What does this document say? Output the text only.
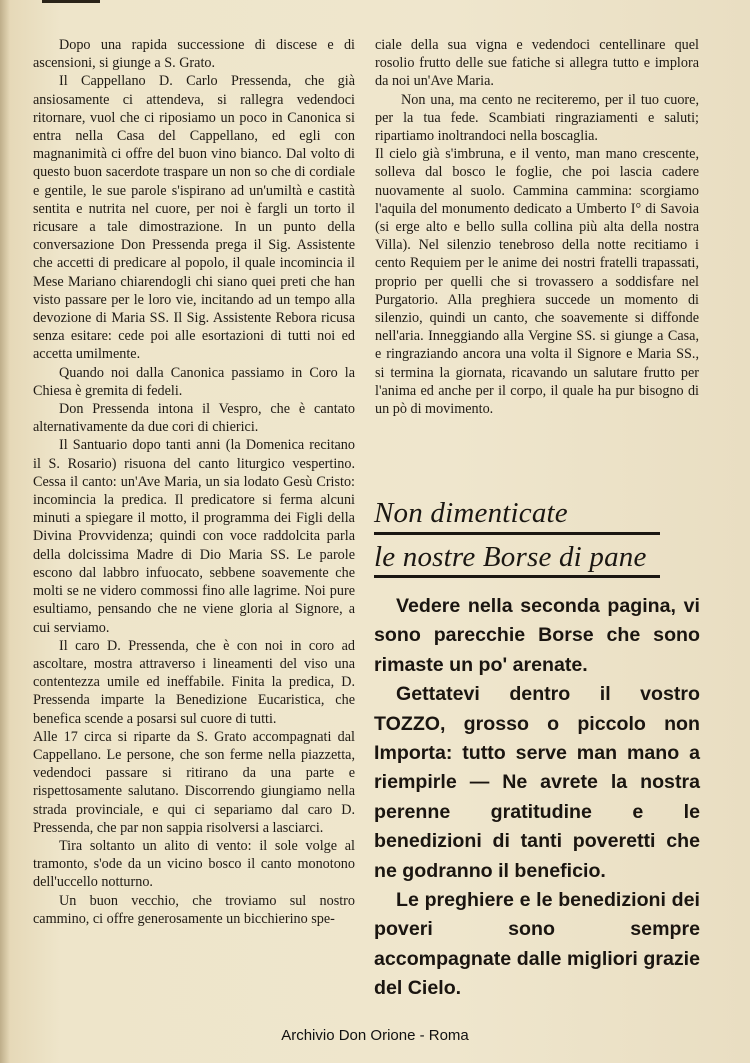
Dopo una rapida successione di discese e di ascensioni, si giunge a S. Grato.

Il Cappellano D. Carlo Pressenda, che già ansiosamente ci attendeva, si rallegra vedendoci ritornare, vuol che ci riposiamo un poco in Canonica si entra nella Casa del Cappellano, ed egli con magnanimità ci offre del buon vino bianco. Dal volto di questo buon sacerdote traspare un non so che di cordiale e gentile, le sue parole s'ispirano ad un'umiltà e castità sentita e nutrita nel cuore, per noi è fargli un torto il ricusare a tale dimostrazione. In un punto della conversazione Don Pressenda prega il Sig. Assistente che accetti di predicare al popolo, il quale incomincia il Mese Mariano chiarendogli chi siano quei preti che han visto passare per le loro vie, incitando ad un tempo alla devozione di Maria SS. Il Sig. Assistente Rebora ricusa senza esitare: cede poi alle esortazioni di tutti noi ed accetta umilmente.

Quando noi dalla Canonica passiamo in Coro la Chiesa è gremita di fedeli.

Don Pressenda intona il Vespro, che è cantato alternativamente da due cori di chierici.

Il Santuario dopo tanti anni (la Domenica recitano il S. Rosario) risuona del canto liturgico vespertino. Cessa il canto: un'Ave Maria, un sia lodato Gesù Cristo: incomincia la predica. Il predicatore si ferma alcuni minuti a spiegare il motto, il programma dei Figli della Divina Provvidenza; quindi con voce raddolcita parla della dolcissima Madre di Dio Maria SS. Le parole escono dal labbro infuocato, sebbene soavemente che molti se ne videro commossi fino alle lagrime. Noi pure esultiamo, pensando che ne viene gloria al Signore, a cui serviamo.

Il caro D. Pressenda, che è con noi in coro ad ascoltare, mostra attraverso i lineamenti del viso una contentezza umile ed ineffabile. Finita la predica, D. Pressenda imparte la Benedizione Eucaristica, che benefica scende a posarsi sul cuore di tutti.

Alle 17 circa si riparte da S. Grato accompagnati dal Cappellano. Le persone, che son ferme nella piazzetta, vedendoci passare si ritirano da una parte e rispettosamente salutano. Discorrendo giungiamo nella strada provinciale, e qui ci separiamo dal caro D. Pressenda, che par non sappia risolversi a lasciarci.

Tira soltanto un alito di vento: il sole volge al tramonto, s'ode da un vicino bosco il canto monotono dell'uccello notturno.

Un buon vecchio, che troviamo sul nostro cammino, ci offre generosamente un bicchierino spe-

ciale della sua vigna e vedendoci centellinare quel rosolio frutto delle sue fatiche si allegra tutto e implora da noi un'Ave Maria.

Non una, ma cento ne reciteremo, per il tuo cuore, per la tua fede. Scambiati ringraziamenti e saluti; ripartiamo inoltrandoci nella boscaglia.

Il cielo già s'imbruna, e il vento, man mano crescente, solleva dal bosco le foglie, che poi lascia cadere nuovamente al suolo. Cammina cammina: scorgiamo l'aquila del monumento dedicato a Umberto I° di Savoia (si erge alto e bello sulla collina più alta della nostra Villa). Nel silenzio tenebroso della notte recitiamo i cento Requiem per le anime dei nostri fratelli trapassati, proprio per quelli che si trovassero a soddisfare nel Purgatorio. Alla preghiera succede un momento di silenzio, quindi un canto, che soavemente si diffonde nell'aria. Inneggiando alla Vergine SS. si giunge a Casa, e ringraziando ancora una volta il Signore e Maria SS., si termina la giornata, ricavando un salutare frutto per l'anima ed anche per il corpo, il quale ha pur bisogno di un pò di movimento.

Non dimenticate
le nostre Borse di pane

Vedere nella seconda pagina, vi sono parecchie Borse che sono rimaste un po' arenate.

Gettatevi dentro il vostro TOZZO, grosso o piccolo non Importa: tutto serve man mano a riempirle — Ne avrete la nostra perenne gratitudine e le benedizioni di tanti poveretti che ne godranno il beneficio.

Le preghiere e le benedizioni dei poveri sono sempre accompagnate dalle migliori grazie del Cielo.

Archivio Don Orione - Roma
